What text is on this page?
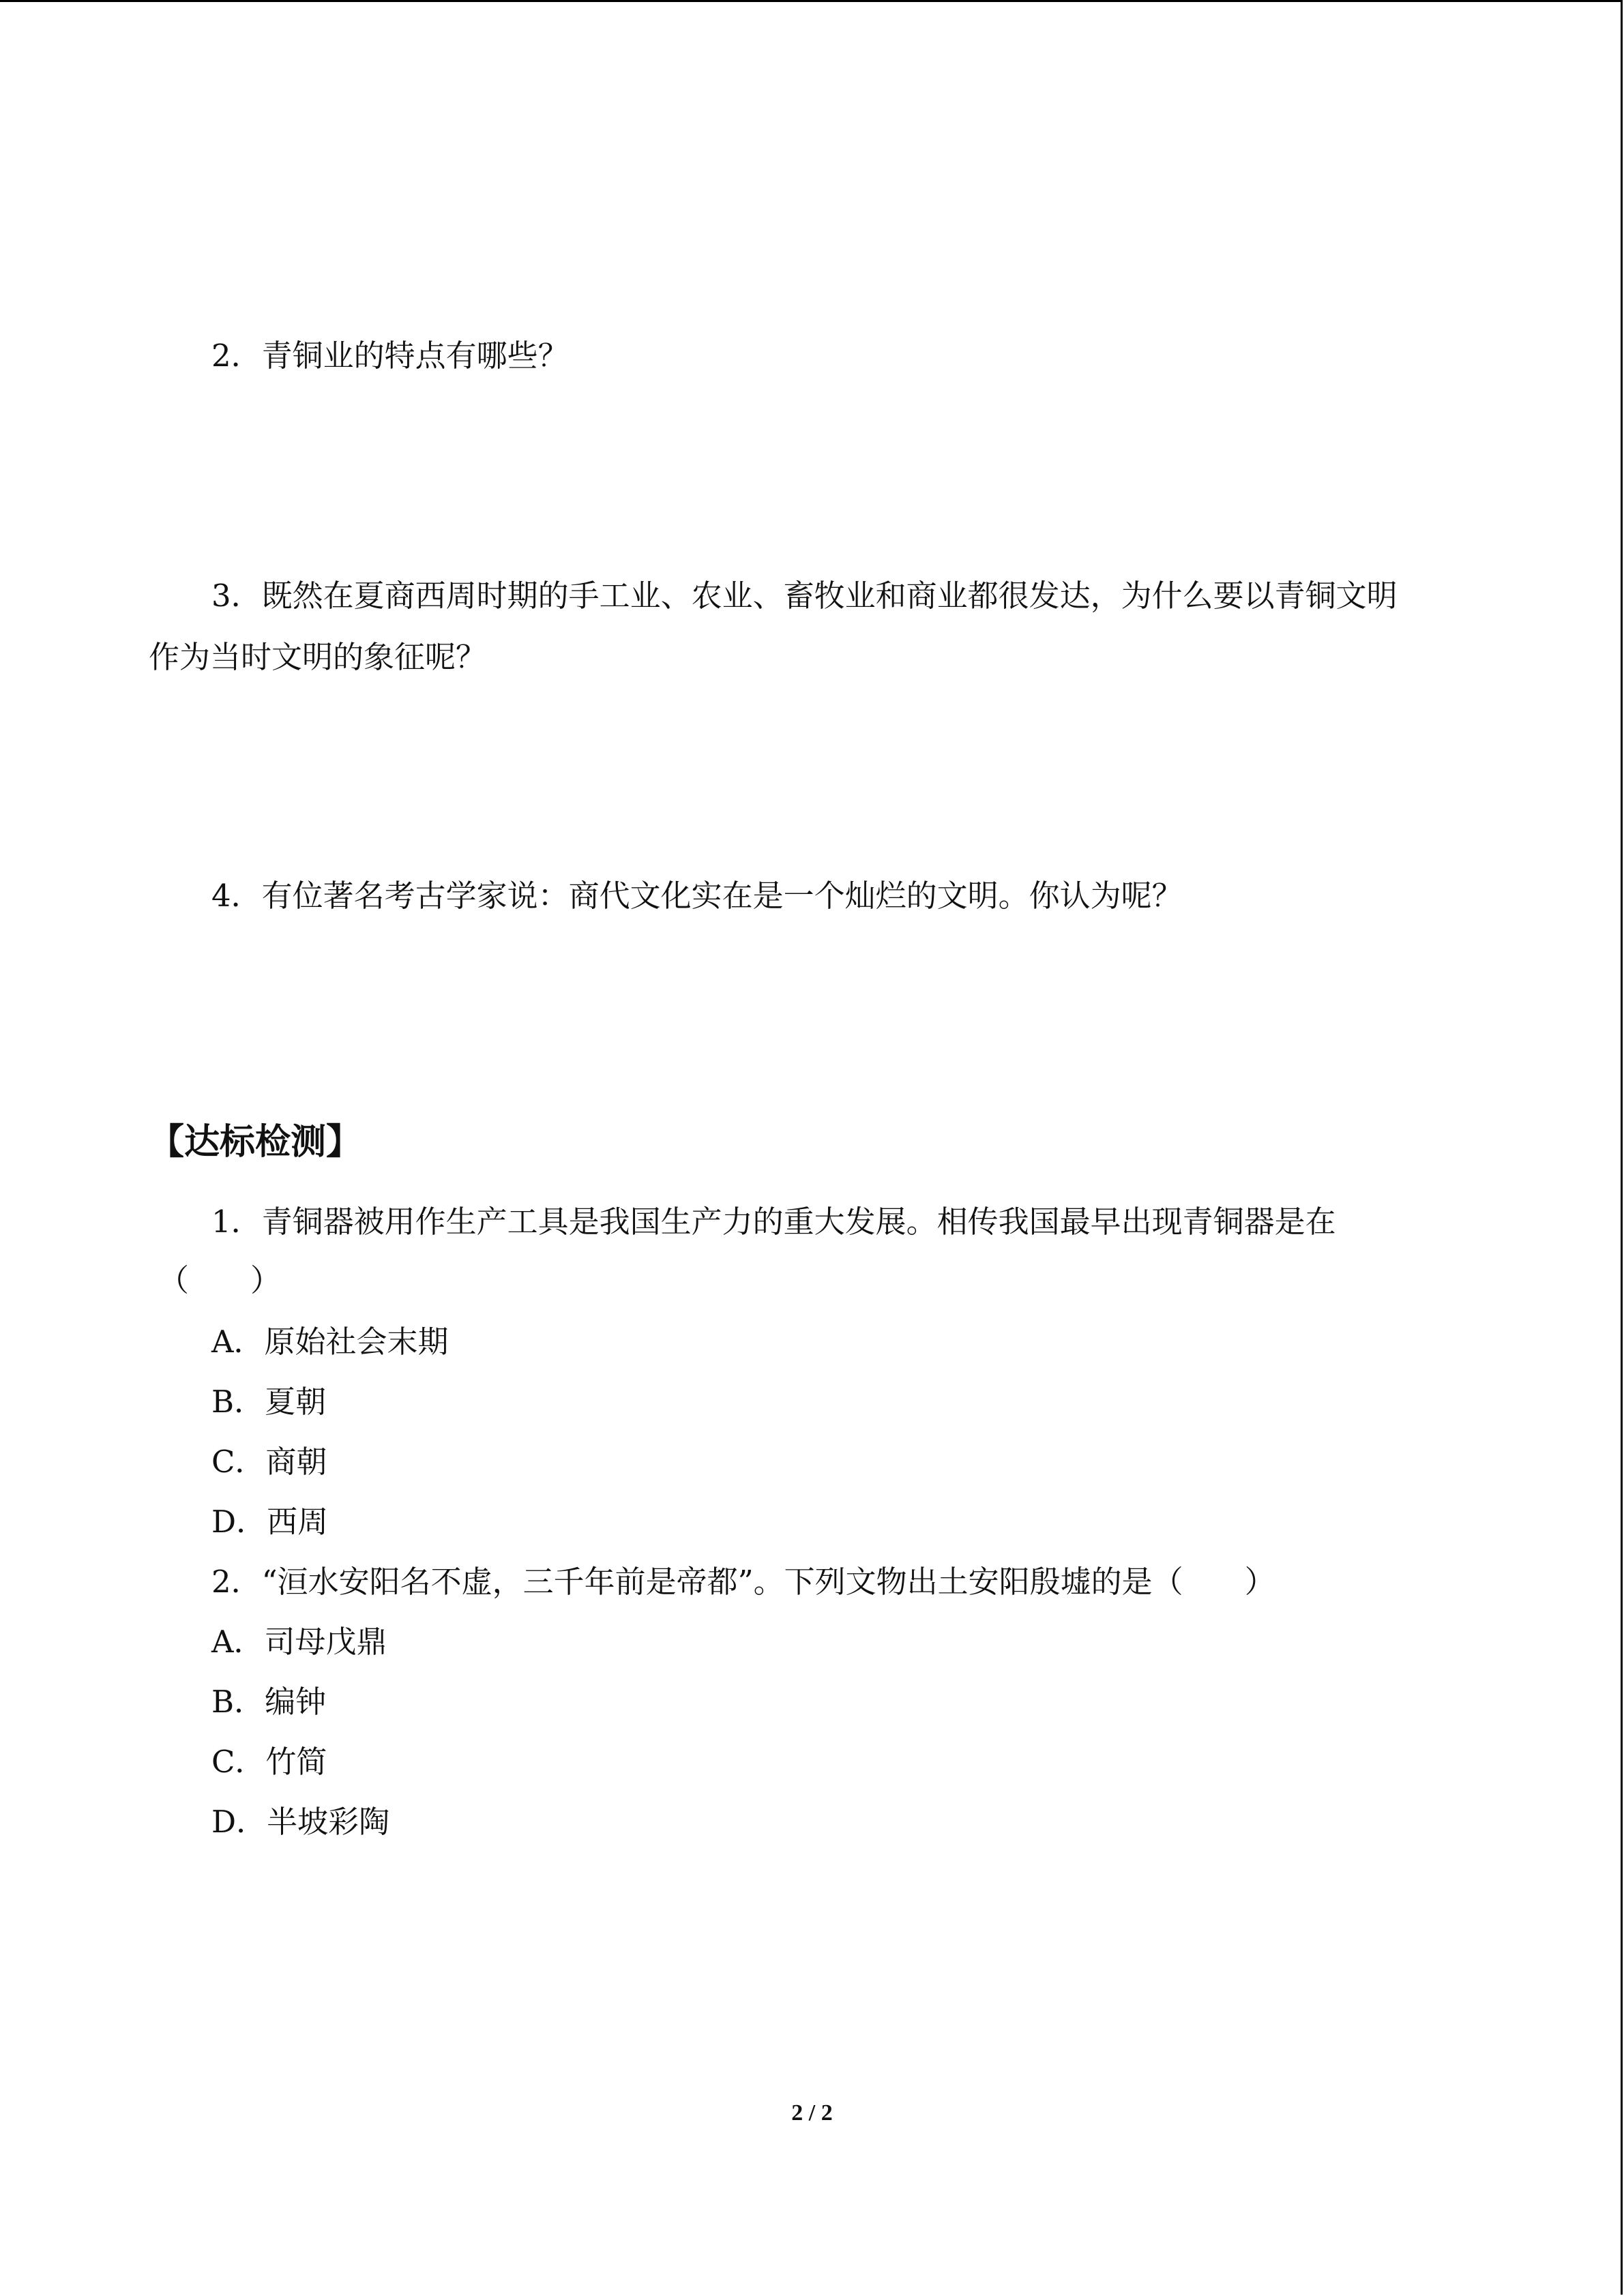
2．青铜业的特点有哪些？
3．既然在夏商西周时期的手工业、农业、畜牧业和商业都很发达，为什么要以青铜文明
作为当时文明的象征呢？
4．有位著名考古学家说：商代文化实在是一个灿烂的文明。你认为呢？
【达标检测】
1．青铜器被用作生产工具是我国生产力的重大发展。相传我国最早出现青铜器是在
（　　）
A．原始社会末期
B．夏朝
C．商朝
D．西周
2．“洹水安阳名不虚，三千年前是帝都”。下列文物出土安阳殷墟的是（　　）
A．司母戊鼎
B．编钟
C．竹简
D．半坡彩陶
2 / 2
